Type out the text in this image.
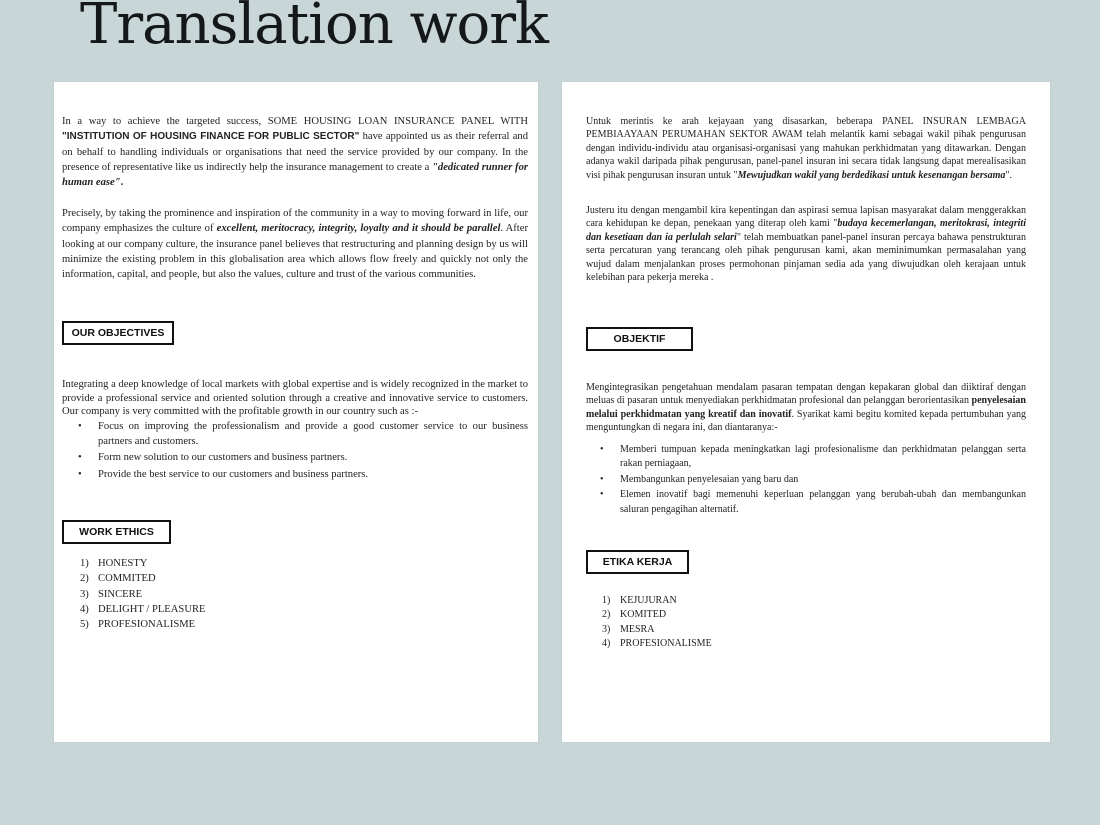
Translation work

In a way to achieve the targeted success, SOME HOUSING LOAN INSURANCE PANEL WITH "INSTITUTION OF HOUSING FINANCE FOR PUBLIC SECTOR" have appointed us as their referral and on behalf to handling individuals or organisations that need the service provided by our company. In the presence of representative like us indirectly help the insurance management to create a "dedicated runner for human ease".

Precisely, by taking the prominence and inspiration of the community in a way to moving forward in life, our company emphasizes the culture of excellent, meritocracy, integrity, loyalty and it should be parallel. After looking at our company culture, the insurance panel believes that restructuring and planning design by us will minimize the existing problem in this globalisation area which allows flow freely and quickly not only the information, capital, and people, but also the values, culture and trust of the various communities.

OUR OBJECTIVES

Integrating a deep knowledge of local markets with global expertise and is widely recognized in the market to provide a professional service and oriented solution through a creative and innovative service to customers. Our company is very committed with the profitable growth in our country such as :-

• Focus on improving the professionalism and provide a good customer service to our business partners and customers.
• Form new solution to our customers and business partners.
• Provide the best service to our customers and business partners.
WORK ETHICS
1) HONESTY
2) COMMITED
3) SINCERE
4) DELIGHT / PLEASURE
5) PROFESIONALISME

Untuk merintis ke arah kejayaan yang disasarkan, beberapa PANEL INSURAN LEMBAGA PEMBIAAYAAN PERUMAHAN SEKTOR AWAM telah melantik kami sebagai wakil pihak pengurusan dengan individu-individu atau organisasi-organisasi yang mahukan perkhidmatan yang ditawarkan. Dengan adanya wakil daripada pihak pengurusan, panel-panel insuran ini secara tidak langsung dapat merealisasikan visi pihak pengurusan insuran untuk "Mewujudkan wakil yang berdedikasi untuk kesenangan bersama".

Justeru itu dengan mengambil kira kepentingan dan aspirasi semua lapisan masyarakat dalam menggerakkan cara kehidupan ke depan, penekaan yang diterap oleh kami "budaya kecemerlangan, meritokrasi, integriti dan kesetiaan dan ia perlulah selari" telah membuatkan panel-panel insuran percaya bahawa penstrukturan serta percaturan yang terancang oleh pihak pengurusan kami, akan meminimumkan permasalahan yang wujud dalam menjalankan proses permohonan pinjaman sedia ada yang diwujudkan oleh kerajaan untuk kelebihan para pekerja mereka .

OBJEKTIF

Mengintegrasikan pengetahuan mendalam pasaran tempatan dengan kepakaran global dan diiktiraf dengan meluas di pasaran untuk menyediakan perkhidmatan profesional dan pelanggan berorientasikan penyelesaian melalui perkhidmatan yang kreatif dan inovatif. Syarikat kami begitu komited kepada pertumbuhan yang menguntungkan di negara ini, dan diantaranya:-

• Memberi tumpuan kepada meningkatkan lagi profesionalisme dan perkhidmatan pelanggan serta rakan perniagaan,
• Membangunkan penyelesaian yang baru dan
• Elemen inovatif bagi memenuhi keperluan pelanggan yang berubah-ubah dan membangunkan saluran pengagihan alternatif.
ETIKA KERJA
1) KEJUJURAN
2) KOMITED
3) MESRA
4) PROFESIONALISME
